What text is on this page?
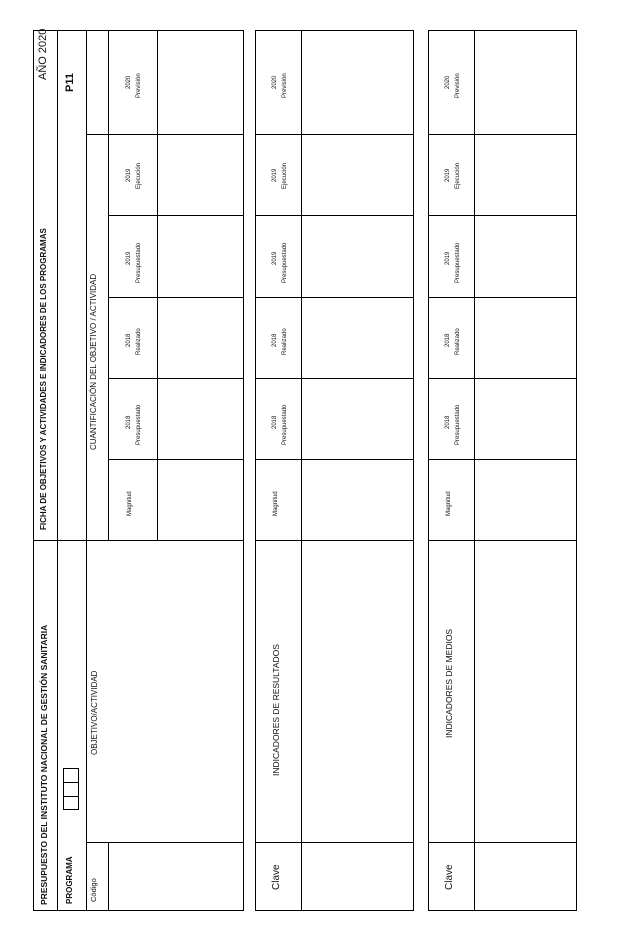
PRESUPUESTO DEL INSTITUTO NACIONAL DE GESTIÓN SANITARIA
FICHA DE OBJETIVOS Y ACTIVIDADES E INDICADORES DE LOS PROGRAMAS
AÑO 2020
PROGRAMA
P11
Código
OBJETIVO/ACTIVIDAD
CUANTIFICACIÓN DEL OBJETIVO / ACTIVIDAD
Magnitud
2018 Presupuestado
2018 Realizado
2019 Presupuestado
2019 Ejecución
2020 Previsión
Clave
INDICADORES DE RESULTADOS
Magnitud
2018 Presupuestado
2018 Realizado
2019 Presupuestado
2019 Ejecución
2020 Previsión
Clave
INDICADORES DE MEDIOS
Magnitud
2018 Presupuestado
2018 Realizado
2019 Presupuestado
2019 Ejecución
2020 Previsión
